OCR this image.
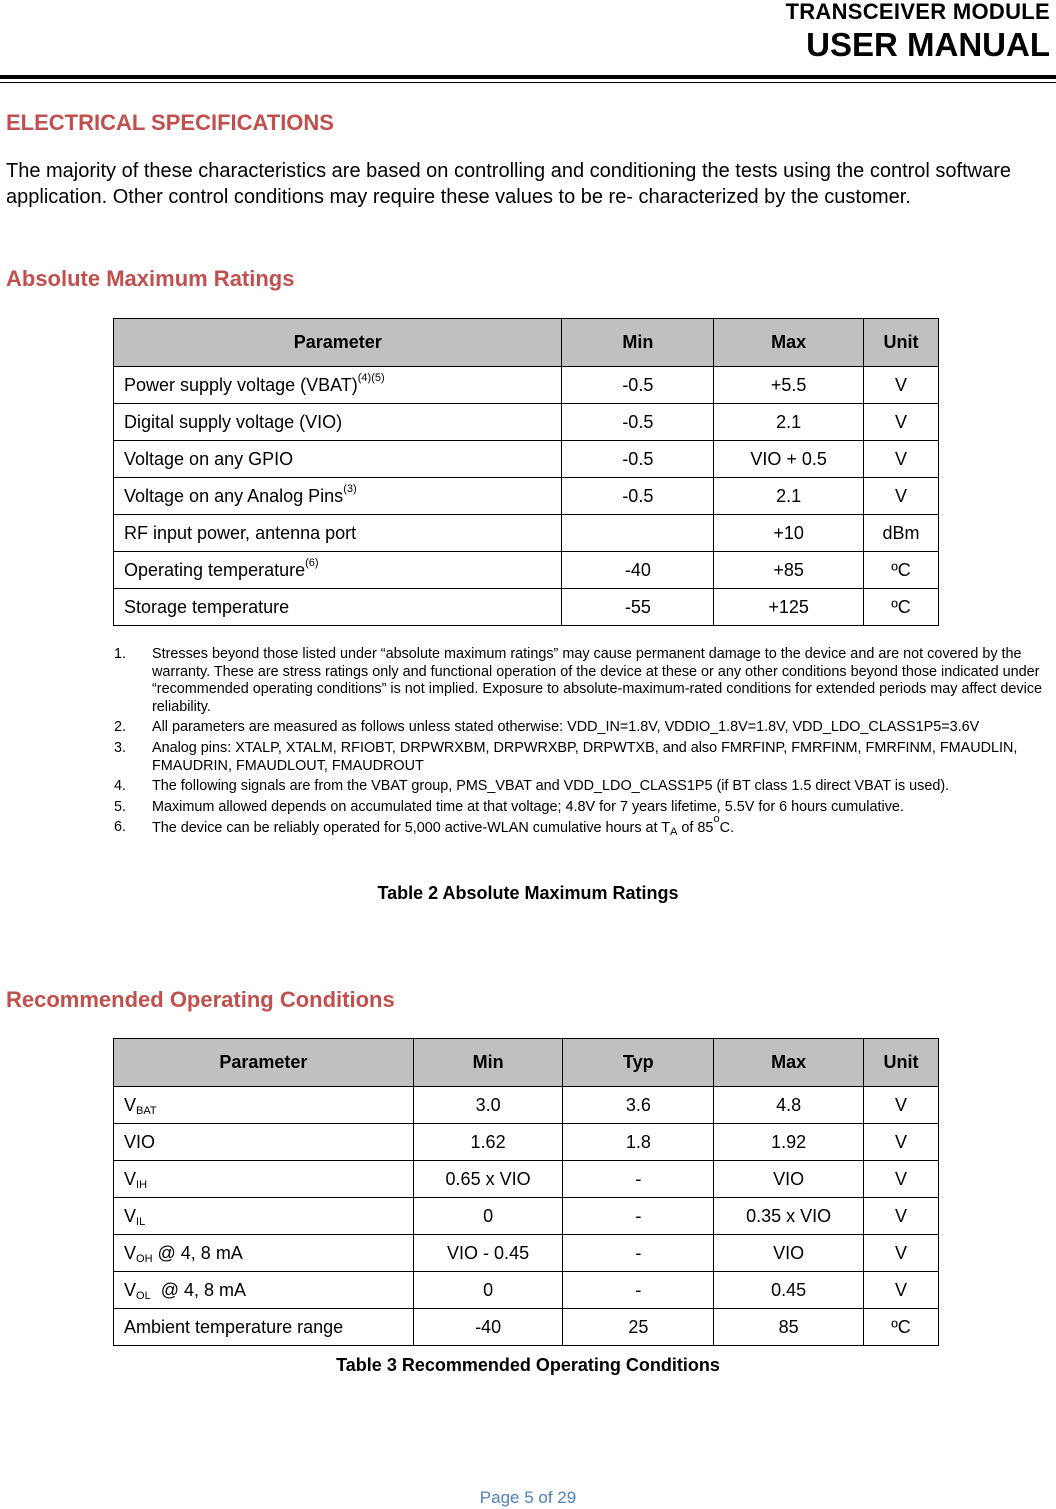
TRANSCEIVER MODULE
USER MANUAL
ELECTRICAL SPECIFICATIONS

The majority of these characteristics are based on controlling and conditioning the tests using the control software application. Other control conditions may require these values to be re- characterized by the customer.

Absolute Maximum Ratings
Parameter	Min	Max	Unit
Power supply voltage (VBAT)$^{(4)(5)}$	-0.5	+5.5	V
Digital supply voltage (VIO)	-0.5	2.1	V
Voltage on any GPIO	-0.5	VIO + 0.5	V
Voltage on any Analog Pins$^{(3)}$	-0.5	2.1	V
RF input power, antenna port		+10	dBm
Operating temperature$^{(6)}$	-40	+85	ºC
Storage temperature	-55	+125	ºC
1. Stresses beyond those listed under “absolute maximum ratings” may cause permanent damage to the device and are not covered by the warranty. These are stress ratings only and functional operation of the device at these or any other conditions beyond those indicated under “recommended operating conditions” is not implied. Exposure to absolute-maximum-rated conditions for extended periods may affect device reliability.
2. All parameters are measured as follows unless stated otherwise: VDD_IN=1.8V, VDDIO_1.8V=1.8V, VDD_LDO_CLASS1P5=3.6V
3. Analog pins: XTALP, XTALM, RFIOBT, DRPWRXBM, DRPWRXBP, DRPWTXB, and also FMRFINP, FMRFINM, FMRFINM, FMAUDLIN, FMAUDRIN, FMAUDLOUT, FMAUDROUT
4. The following signals are from the VBAT group, PMS_VBAT and VDD_LDO_CLASS1P5 (if BT class 1.5 direct VBAT is used).
5. Maximum allowed depends on accumulated time at that voltage; 4.8V for 7 years lifetime, 5.5V for 6 hours cumulative.
6. The device can be reliably operated for 5,000 active-WLAN cumulative hours at $T_A$ of 85$^o$C.
Table 2 Absolute Maximum Ratings
Recommended Operating Conditions
Parameter	Min	Typ	Max	Unit
$V_{BAT}$	3.0	3.6	4.8	V
VIO	1.62	1.8	1.92	V
$V_{IH}$	0.65 x VIO	-	VIO	V
$V_{IL}$	0	-	0.35 x VIO	V
$V_{OH}$ @ 4, 8 mA	VIO - 0.45	-	VIO	V
$V_{OL}$  @ 4, 8 mA	0	-	0.45	V
Ambient temperature range	-40	25	85	ºC
Table 3 Recommended Operating Conditions
Page 5 of 29
